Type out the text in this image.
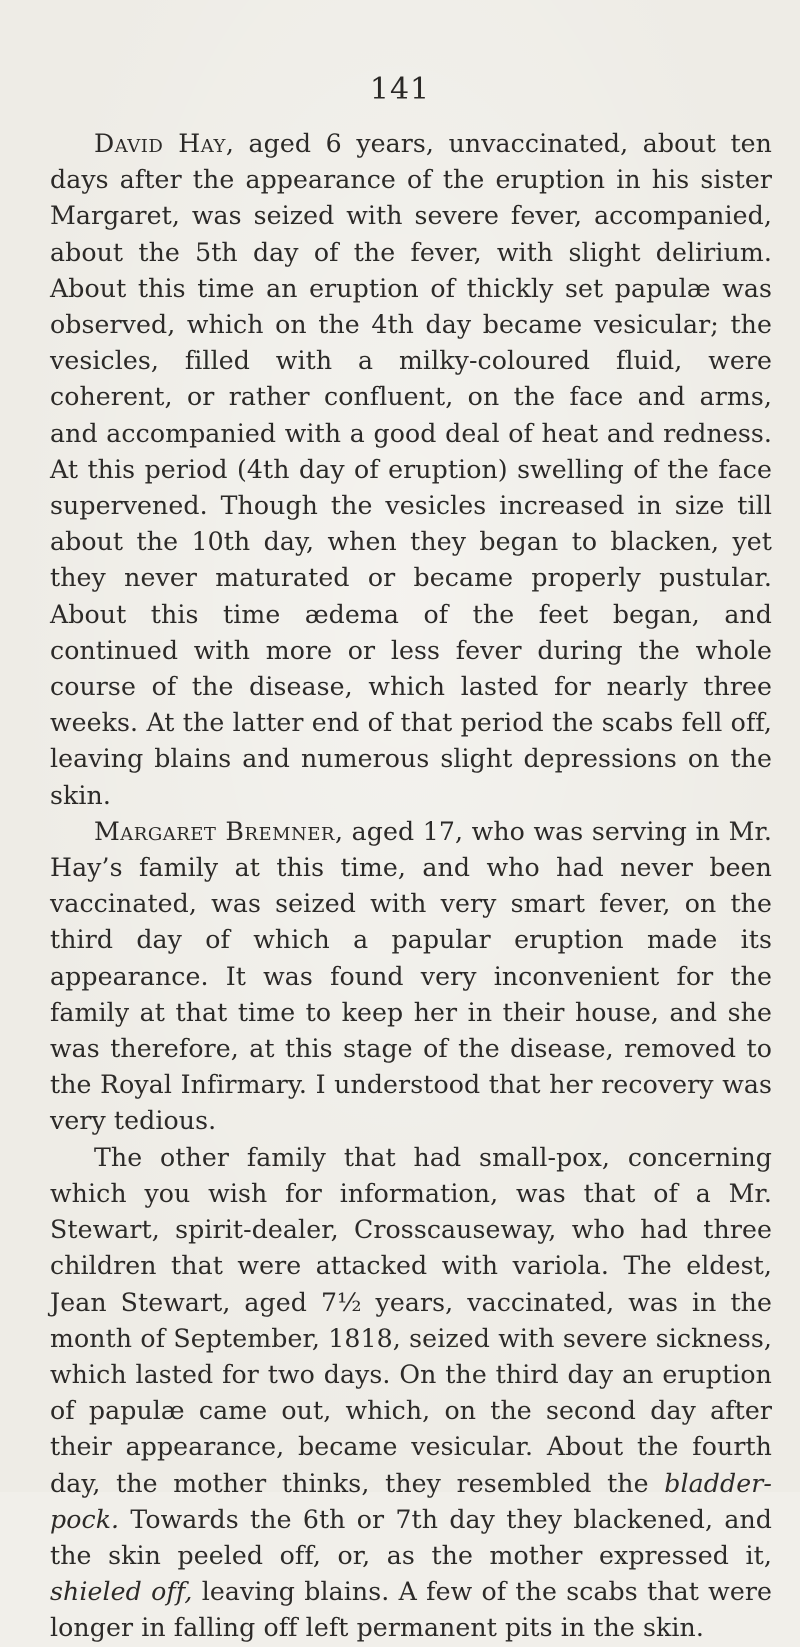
141

David Hay, aged 6 years, unvaccinated, about ten days after the appearance of the eruption in his sister Margaret, was seized with severe fever, accompanied, about the 5th day of the fever, with slight delirium. About this time an eruption of thickly set papulæ was observed, which on the 4th day became vesicular; the vesicles, filled with a milky-coloured fluid, were coherent, or rather confluent, on the face and arms, and accompanied with a good deal of heat and redness. At this period (4th day of eruption) swelling of the face supervened. Though the vesicles increased in size till about the 10th day, when they began to blacken, yet they never maturated or became properly pustular. About this time ædema of the feet began, and continued with more or less fever during the whole course of the disease, which lasted for nearly three weeks. At the latter end of that period the scabs fell off, leaving blains and numerous slight depressions on the skin.

Margaret Bremner, aged 17, who was serving in Mr. Hay’s family at this time, and who had never been vaccinated, was seized with very smart fever, on the third day of which a papular eruption made its appearance. It was found very inconvenient for the family at that time to keep her in their house, and she was therefore, at this stage of the disease, removed to the Royal Infirmary. I understood that her recovery was very tedious.

The other family that had small-pox, concerning which you wish for information, was that of a Mr. Stewart, spirit-dealer, Crosscauseway, who had three children that were attacked with variola. The eldest, Jean Stewart, aged 7½ years, vaccinated, was in the month of September, 1818, seized with severe sickness, which lasted for two days. On the third day an eruption of papulæ came out, which, on the second day after their appearance, became vesicular. About the fourth day, the mother thinks, they resembled the bladder-pock. Towards the 6th or 7th day they blackened, and the skin peeled off, or, as the mother expressed it, shieled off, leaving blains. A few of the scabs that were longer in falling off left permanent pits in the skin.
